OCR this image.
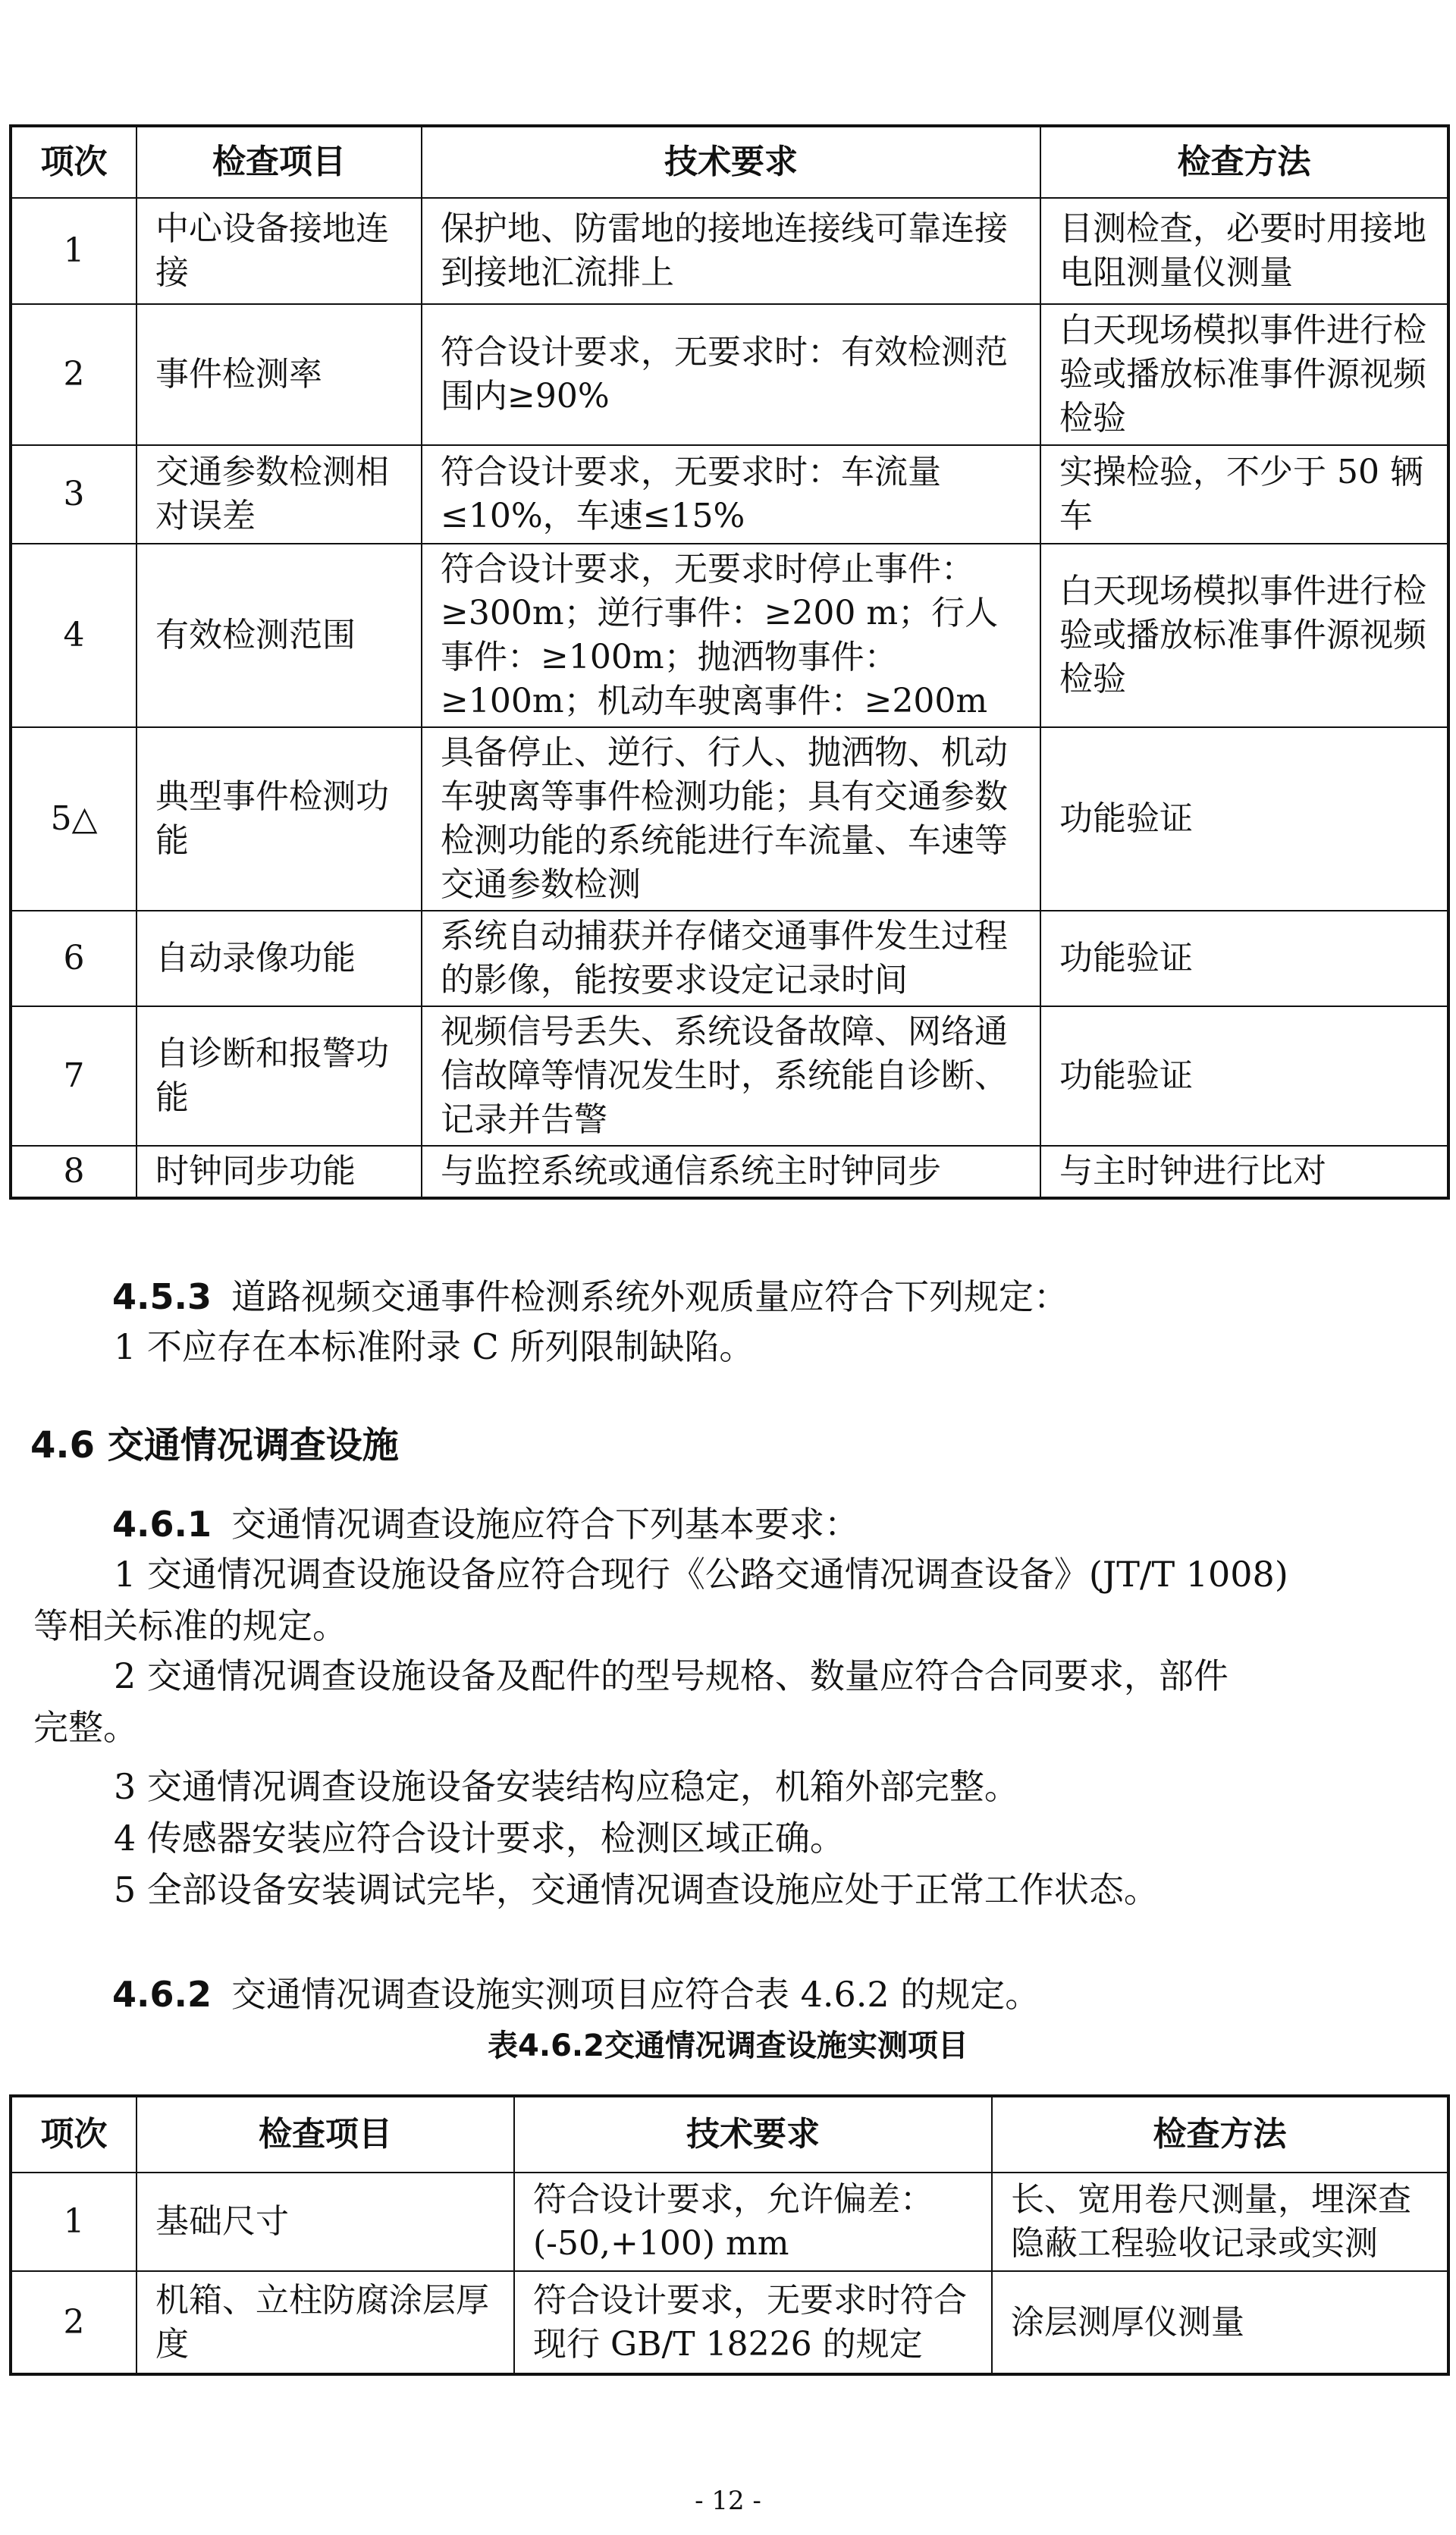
项次	检查项目	技术要求	检查方法
1	中心设备接地连接	保护地、防雷地的接地连接线可靠连接到接地汇流排上	目测检查，必要时用接地电阻测量仪测量
2	事件检测率	符合设计要求，无要求时：有效检测范围内≥90%	白天现场模拟事件进行检验或播放标准事件源视频检验
3	交通参数检测相对误差	符合设计要求，无要求时：车流量≤10%，车速≤15%	实操检验，不少于 50 辆车
4	有效检测范围	符合设计要求，无要求时停止事件：≥300m；逆行事件：≥200 m；行人事件：≥100m；抛洒物事件：≥100m；机动车驶离事件：≥200m	白天现场模拟事件进行检验或播放标准事件源视频检验
5△	典型事件检测功能	具备停止、逆行、行人、抛洒物、机动车驶离等事件检测功能；具有交通参数检测功能的系统能进行车流量、车速等交通参数检测	功能验证
6	自动录像功能	系统自动捕获并存储交通事件发生过程的影像，能按要求设定记录时间	功能验证
7	自诊断和报警功能	视频信号丢失、系统设备故障、网络通信故障等情况发生时，系统能自诊断、记录并告警	功能验证
8	时钟同步功能	与监控系统或通信系统主时钟同步	与主时钟进行比对
4.5.3 道路视频交通事件检测系统外观质量应符合下列规定：
1 不应存在本标准附录 C 所列限制缺陷。
4.6 交通情况调查设施
4.6.1 交通情况调查设施应符合下列基本要求：
1 交通情况调查设施设备应符合现行《公路交通情况调查设备》(JT/T 1008)
等相关标准的规定。
2 交通情况调查设施设备及配件的型号规格、数量应符合合同要求，部件
完整。
3 交通情况调查设施设备安装结构应稳定，机箱外部完整。
4 传感器安装应符合设计要求，检测区域正确。
5 全部设备安装调试完毕，交通情况调查设施应处于正常工作状态。
4.6.2 交通情况调查设施实测项目应符合表 4.6.2 的规定。
表4.6.2交通情况调查设施实测项目
项次	检查项目	技术要求	检查方法
1	基础尺寸	符合设计要求，允许偏差：(-50,+100) mm	长、宽用卷尺测量，埋深查隐蔽工程验收记录或实测
2	机箱、立柱防腐涂层厚度	符合设计要求，无要求时符合现行 GB/T 18226 的规定	涂层测厚仪测量
- 12 -
